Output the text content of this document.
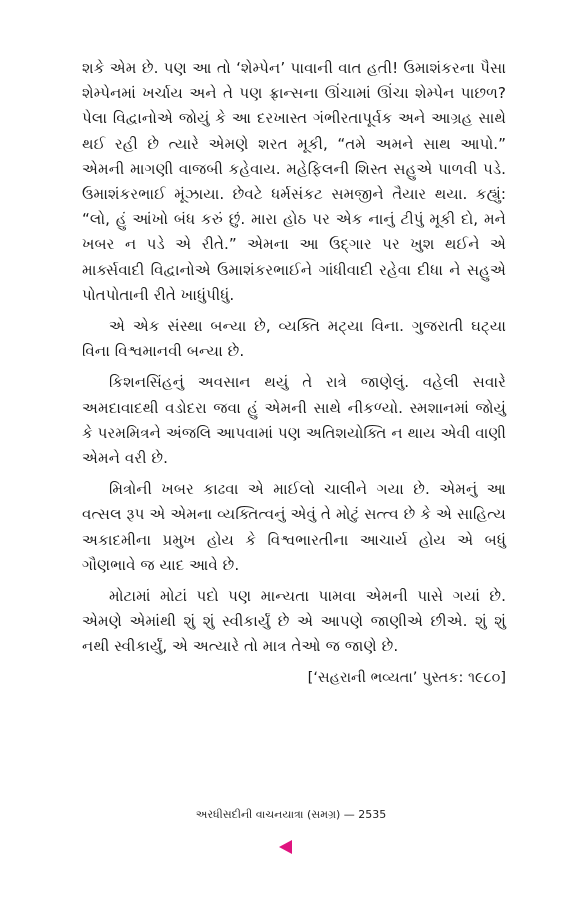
શકે એમ છે. પણ આ તો ‘શેમ્પેન’ પાવાની વાત હતી! ઉમાશંકરના પૈસા શેમ્પેનમાં ખર્ચાય અને તે પણ ફ્રાન્સના ઊંચામાં ઊંચા શેમ્પેન પાછળ? પેલા વિદ્વાનોએ જોયું કે આ દરખાસ્ત ગંભીરતાપૂર્વક અને આગ્રહ સાથે થઈ રહી છે ત્યારે એમણે શરત મૂકી, “તમે અમને સાથ આપો.” એમની માગણી વાજબી કહેવાય. મહેફિલની શિસ્ત સહુએ પાળવી પડે. ઉમાશંકરભાઈ મૂંઝાયા. છેવટે ધર્મસંકટ સમજીને તૈયાર થયા. કહ્યું: “લો, હું આંખો બંધ કરું છું. મારા હોઠ પર એક નાનું ટીપું મૂકી દો, મને ખબર ન પડે એ રીતે.” એમના આ ઉદ્ગાર પર ખુશ થઈને એ માર્ક્સવાદી વિદ્વાનોએ ઉમાશંકરભાઈને ગાંધીવાદી રહેવા દીધા ને સહુએ પોતપોતાની રીતે ખાધુંપીધું.

એ એક સંસ્થા બન્યા છે, વ્યક્તિ મટ્યા વિના. ગુજરાતી ઘટ્યા વિના વિશ્વમાનવી બન્યા છે.

કિશનસિંહનું અવસાન થયું તે રાત્રે જાણેલું. વહેલી સવારે અમદાવાદથી વડોદરા જવા હું એમની સાથે નીકળ્યો. સ્મશાનમાં જોયું કે પરમમિત્રને અંજલિ આપવામાં પણ અતિશયોક્તિ ન થાય એવી વાણી એમને વરી છે.

મિત્રોની ખબર કાઢવા એ માઈલો ચાલીને ગયા છે. એમનું આ વત્સલ રૂપ એ એમના વ્યક્તિત્વનું એવું તે મોટું સત્ત્વ છે કે એ સાહિત્ય અકાદમીના પ્રમુખ હોય કે વિશ્વભારતીના આચાર્ય હોય એ બધું ગૌણભાવે જ યાદ આવે છે.

મોટામાં મોટાં પદો પણ માન્યતા પામવા એમની પાસે ગયાં છે. એમણે એમાંથી શું શું સ્વીકાર્યું છે એ આપણે જાણીએ છીએ. શું શું નથી સ્વીકાર્યું, એ અત્યારે તો માત્ર તેઓ જ જાણે છે.

[‘સહરાની ભવ્યતા’ પુસ્તક: ૧૯૮૦]
અરધીસદીની વાચનયાત્રા (સમગ્ર) — 2535
